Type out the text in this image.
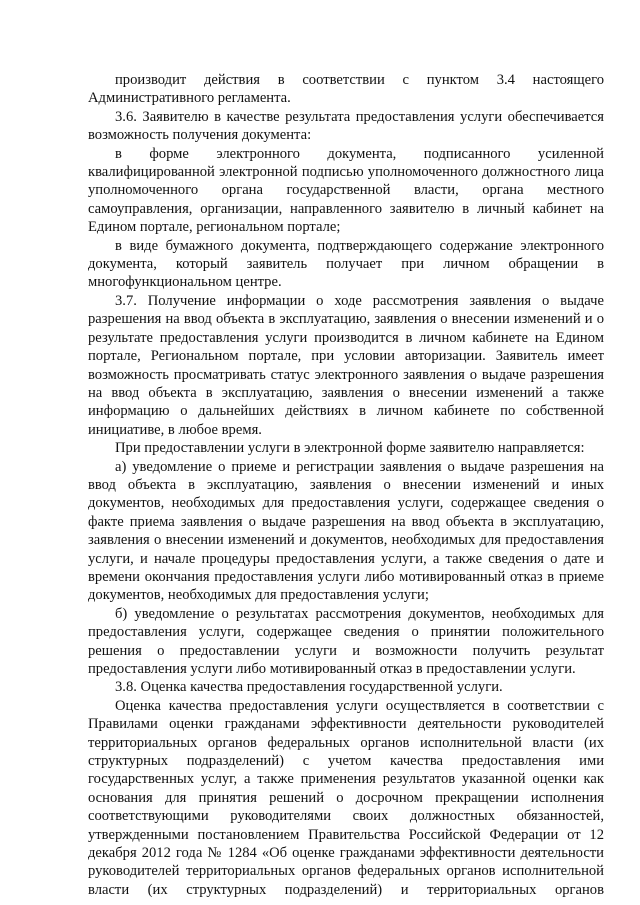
производит действия в соответствии с пунктом 3.4 настоящего Административного регламента.

3.6. Заявителю в качестве результата предоставления услуги обеспечивается возможность получения документа:

в форме электронного документа, подписанного усиленной квалифицированной электронной подписью уполномоченного должностного лица уполномоченного органа государственной власти, органа местного самоуправления, организации, направленного заявителю в личный кабинет на Едином портале, региональном портале;

в виде бумажного документа, подтверждающего содержание электронного документа, который заявитель получает при личном обращении в многофункциональном центре.

3.7. Получение информации о ходе рассмотрения заявления о выдаче разрешения на ввод объекта в эксплуатацию, заявления о внесении изменений и о результате предоставления услуги производится в личном кабинете на Едином портале, Региональном портале, при условии авторизации. Заявитель имеет возможность просматривать статус электронного заявления о выдаче разрешения на ввод объекта в эксплуатацию, заявления о внесении изменений а также информацию о дальнейших действиях в личном кабинете по собственной инициативе, в любое время.

При предоставлении услуги в электронной форме заявителю направляется:

а) уведомление о приеме и регистрации заявления о выдаче разрешения на ввод объекта в эксплуатацию, заявления о внесении изменений и иных документов, необходимых для предоставления услуги, содержащее сведения о факте приема заявления о выдаче разрешения на ввод объекта в эксплуатацию, заявления о внесении изменений и документов, необходимых для предоставления услуги, и начале процедуры предоставления услуги, а также сведения о дате и времени окончания предоставления услуги либо мотивированный отказ в приеме документов, необходимых для предоставления услуги;

б) уведомление о результатах рассмотрения документов, необходимых для предоставления услуги, содержащее сведения о принятии положительного решения о предоставлении услуги и возможности получить результат предоставления услуги либо мотивированный отказ в предоставлении услуги.

3.8. Оценка качества предоставления государственной услуги.

Оценка качества предоставления услуги осуществляется в соответствии с Правилами оценки гражданами эффективности деятельности руководителей территориальных органов федеральных органов исполнительной власти (их структурных подразделений) с учетом качества предоставления ими государственных услуг, а также применения результатов указанной оценки как основания для принятия решений о досрочном прекращении исполнения соответствующими руководителями своих должностных обязанностей, утвержденными постановлением Правительства Российской Федерации от 12 декабря 2012 года № 1284 «Об оценке гражданами эффективности деятельности руководителей территориальных органов федеральных органов исполнительной власти (их структурных подразделений) и территориальных органов
